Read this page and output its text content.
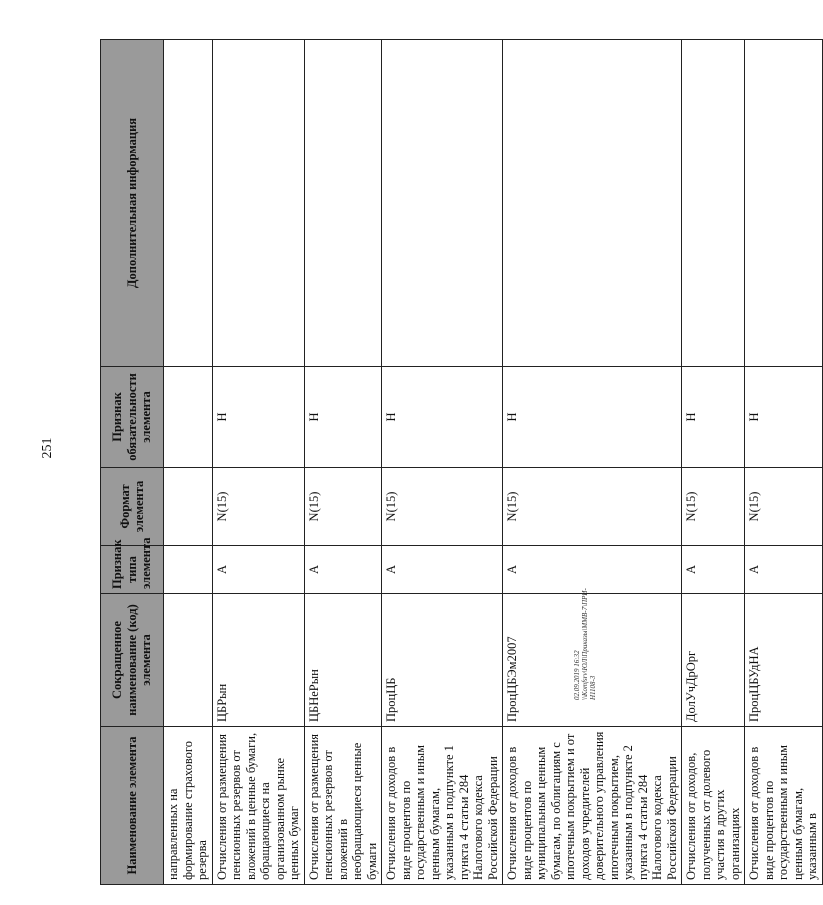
251
Наименование элемента	Сокращенное наименование (код) элемента	Признак типа элемента	Формат элемента	Признак обязательности элемента	Дополнительная информация
направленных на формирование страхового резерва					
Отчисления от размещения пенсионных резервов от вложений в ценные бумаги, обращающиеся на организованном рынке ценных бумаг	ЦБРын	А	N(15)	Н	
Отчисления от размещения пенсионных резервов от вложений в необращающиеся ценные бумаги	ЦБНеРын	А	N(15)	Н	
Отчисления от доходов в виде процентов по государственным и иным ценным бумагам, указанным в подпункте 1 пункта 4 статьи 284 Налогового кодекса Российской Федерации	ПроцЦБ	А	N(15)	Н	
Отчисления от доходов в виде процентов по муниципальным ценным бумагам, по облигациям с ипотечным покрытием и от доходов учредителей доверительного управления ипотечным покрытием, указанным в подпункте 2 пункта 4 статьи 284 Налогового кодекса Российской Федерации	ПроцЦБЭм2007	А	N(15)	Н	
Отчисления от доходов, полученных от долевого участия в других организациях	ДолУчДрОрг	А	N(15)	Н	
Отчисления от доходов в виде процентов по государственным и иным ценным бумагам, указанным в	ПроцЦБУдНА	А	N(15)	Н	
02.09.2019 16:32 \\Komfsrv\ЮЛ\Приказы\ММВ-7\ПРИ-Н1108-3
